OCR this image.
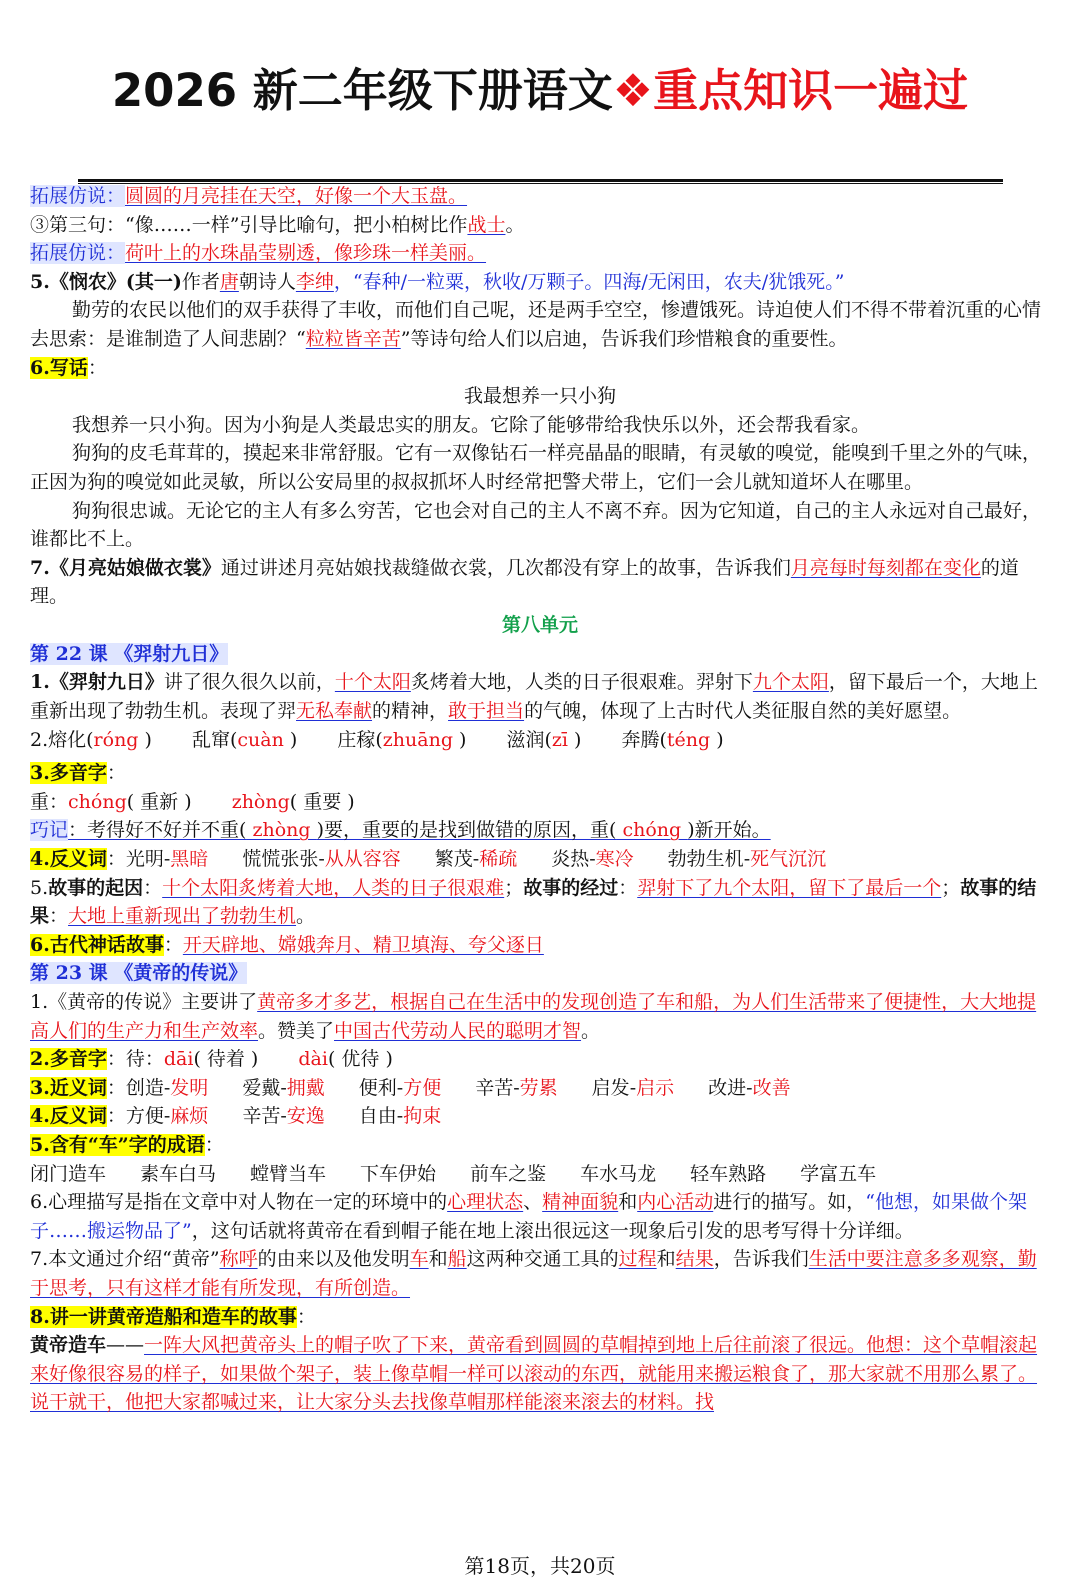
2026 新二年级下册语文❖重点知识一遍过
拓展仿说：圆圆的月亮挂在天空，好像一个大玉盘。
③第三句：“像……一样”引导比喻句，把小柏树比作战士。
拓展仿说：荷叶上的水珠晶莹剔透，像珍珠一样美丽。
5.《悯农》(其一)作者唐朝诗人李绅，“春种/一粒粟，秋收/万颗子。四海/无闲田，农夫/犹饿死。”
勤劳的农民以他们的双手获得了丰收，而他们自己呢，还是两手空空，惨遭饿死。诗迫使人们不得不带着沉重的心情去思索：是谁制造了人间悲剧？“粒粒皆辛苦”等诗句给人们以启迪，告诉我们珍惜粮食的重要性。
6.写话：
我最想养一只小狗
我想养一只小狗。因为小狗是人类最忠实的朋友。它除了能够带给我快乐以外，还会帮我看家。
狗狗的皮毛茸茸的，摸起来非常舒服。它有一双像钻石一样亮晶晶的眼睛，有灵敏的嗅觉，能嗅到千里之外的气味，正因为狗的嗅觉如此灵敏，所以公安局里的叔叔抓坏人时经常把警犬带上，它们一会儿就知道坏人在哪里。
狗狗很忠诚。无论它的主人有多么穷苦，它也会对自己的主人不离不弃。因为它知道，自己的主人永远对自己最好，谁都比不上。
7.《月亮姑娘做衣裳》通过讲述月亮姑娘找裁缝做衣裳，几次都没有穿上的故事，告诉我们月亮每时每刻都在变化的道理。
第八单元
第 22 课 《羿射九日》
1.《羿射九日》讲了很久很久以前，十个太阳炙烤着大地，人类的日子很艰难。羿射下九个太阳，留下最后一个，大地上重新出现了勃勃生机。表现了羿无私奉献的精神，敢于担当的气魄，体现了上古时代人类征服自然的美好愿望。
2.熔化(róng ) 乱窜(cuàn ) 庄稼(zhuāng ) 滋润(zī ) 奔腾(téng )
3.多音字：
重：chóng( 重新 ) zhòng( 重要 )
巧记：考得好不好并不重( zhòng )要，重要的是找到做错的原因，重( chóng )新开始。
4.反义词：光明-黑暗 慌慌张张-从从容容 繁茂-稀疏 炎热-寒冷 勃勃生机-死气沉沉
5.故事的起因：十个太阳炙烤着大地，人类的日子很艰难；故事的经过：羿射下了九个太阳，留下了最后一个；故事的结果：大地上重新现出了勃勃生机。
6.古代神话故事：开天辟地、嫦娥奔月、精卫填海、夸父逐日
第 23 课 《黄帝的传说》
1.《黄帝的传说》主要讲了黄帝多才多艺，根据自己在生活中的发现创造了车和船，为人们生活带来了便捷性，大大地提高人们的生产力和生产效率。赞美了中国古代劳动人民的聪明才智。
2.多音字：待：dāi( 待着 ) dài( 优待 )
3.近义词：创造-发明 爱戴-拥戴 便利-方便 辛苦-劳累 启发-启示 改进-改善
4.反义词：方便-麻烦 辛苦-安逸 自由-拘束
5.含有“车”字的成语：
闭门造车 素车白马 螳臂当车 下车伊始 前车之鉴 车水马龙 轻车熟路 学富五车
6.心理描写是指在文章中对人物在一定的环境中的心理状态、精神面貌和内心活动进行的描写。如，“他想，如果做个架子……搬运物品了”，这句话就将黄帝在看到帽子能在地上滚出很远这一现象后引发的思考写得十分详细。
7.本文通过介绍“黄帝”称呼的由来以及他发明车和船这两种交通工具的过程和结果，告诉我们生活中要注意多多观察，勤于思考，只有这样才能有所发现，有所创造。
8.讲一讲黄帝造船和造车的故事：
黄帝造车——一阵大风把黄帝头上的帽子吹了下来，黄帝看到圆圆的草帽掉到地上后往前滚了很远。他想：这个草帽滚起来好像很容易的样子，如果做个架子，装上像草帽一样可以滚动的东西，就能用来搬运粮食了，那大家就不用那么累了。说干就干，他把大家都喊过来，让大家分头去找像草帽那样能滚来滚去的材料。找
第18页，共20页
